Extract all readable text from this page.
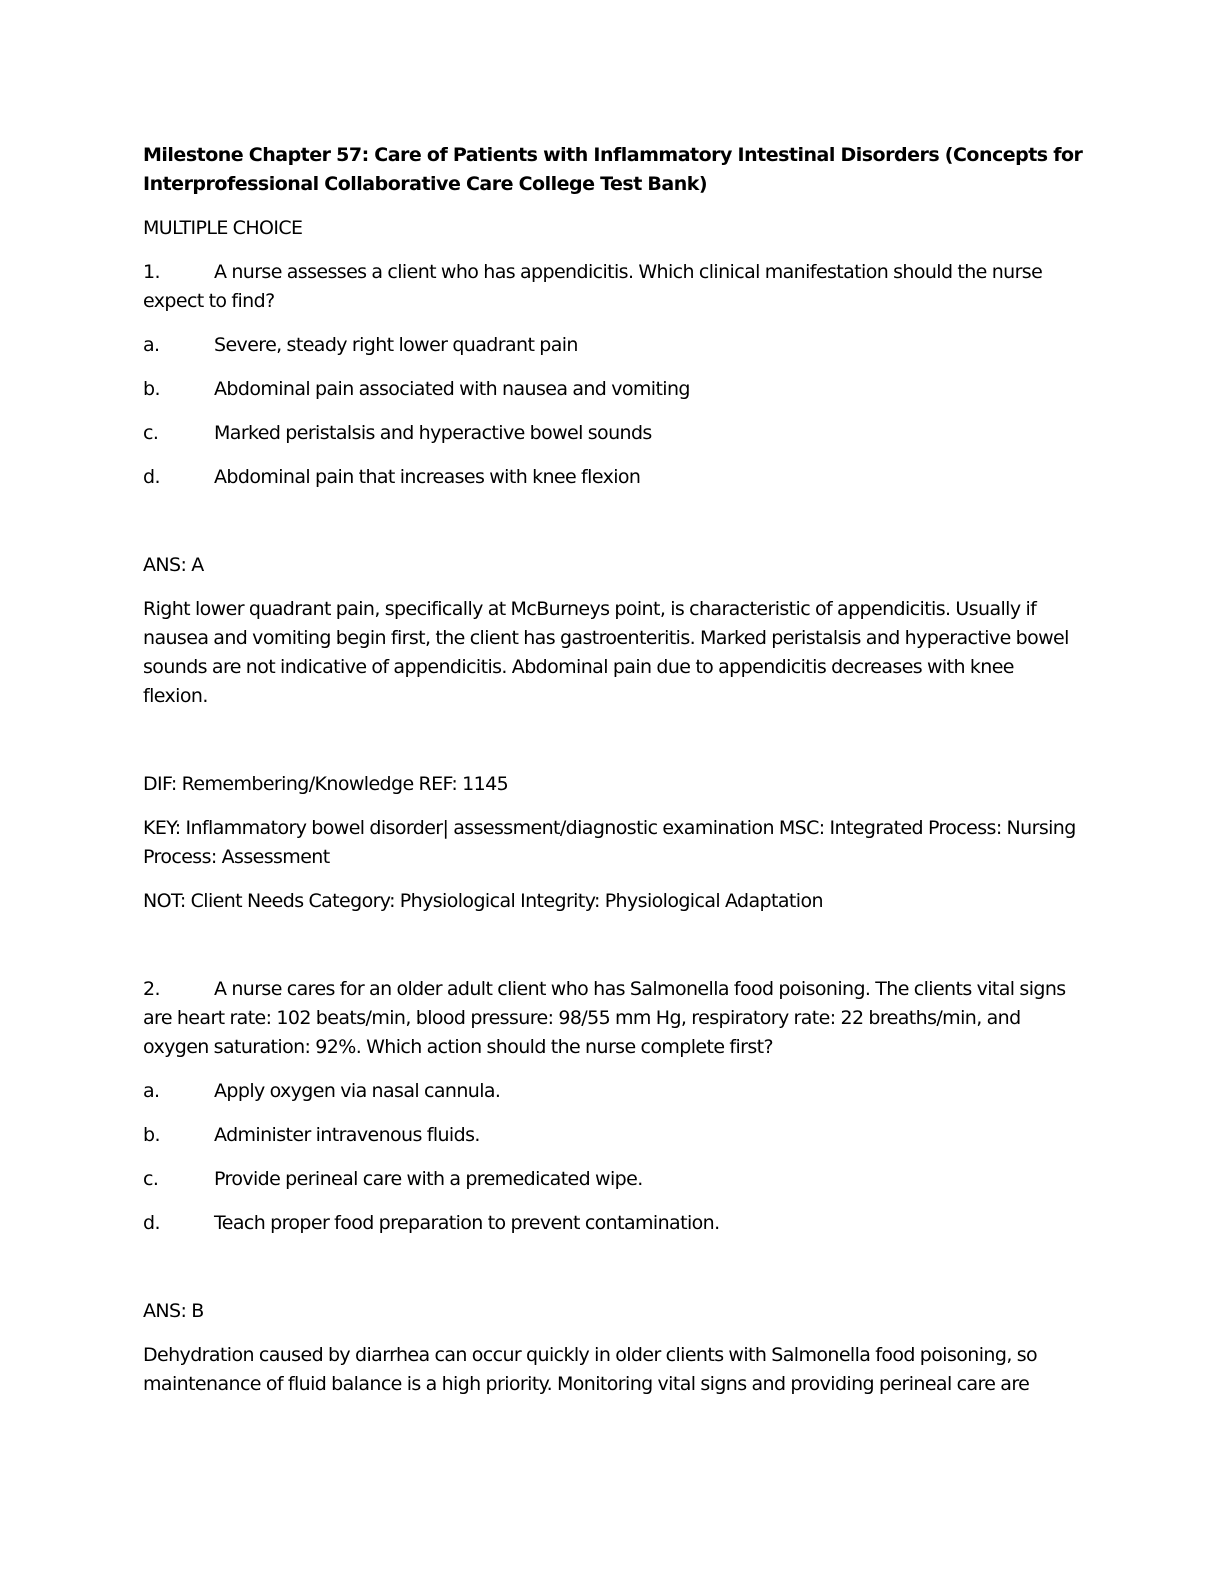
Milestone Chapter 57: Care of Patients with Inflammatory Intestinal Disorders (Concepts for Interprofessional Collaborative Care College Test Bank)

MULTIPLE CHOICE

1.	A nurse assesses a client who has appendicitis. Which clinical manifestation should the nurse expect to find?

a.	Severe, steady right lower quadrant pain
b.	Abdominal pain associated with nausea and vomiting
c.	Marked peristalsis and hyperactive bowel sounds
d.	Abdominal pain that increases with knee flexion

ANS: A

Right lower quadrant pain, specifically at McBurneys point, is characteristic of appendicitis. Usually if nausea and vomiting begin first, the client has gastroenteritis. Marked peristalsis and hyperactive bowel sounds are not indicative of appendicitis. Abdominal pain due to appendicitis decreases with knee flexion.

DIF: Remembering/Knowledge REF: 1145

KEY: Inflammatory bowel disorder| assessment/diagnostic examination MSC: Integrated Process: Nursing Process: Assessment

NOT: Client Needs Category: Physiological Integrity: Physiological Adaptation

2.	A nurse cares for an older adult client who has Salmonella food poisoning. The clients vital signs are heart rate: 102 beats/min, blood pressure: 98/55 mm Hg, respiratory rate: 22 breaths/min, and oxygen saturation: 92%. Which action should the nurse complete first?

a.	Apply oxygen via nasal cannula.
b.	Administer intravenous fluids.
c.	Provide perineal care with a premedicated wipe.
d.	Teach proper food preparation to prevent contamination.

ANS: B

Dehydration caused by diarrhea can occur quickly in older clients with Salmonella food poisoning, so maintenance of fluid balance is a high priority. Monitoring vital signs and providing perineal care are
